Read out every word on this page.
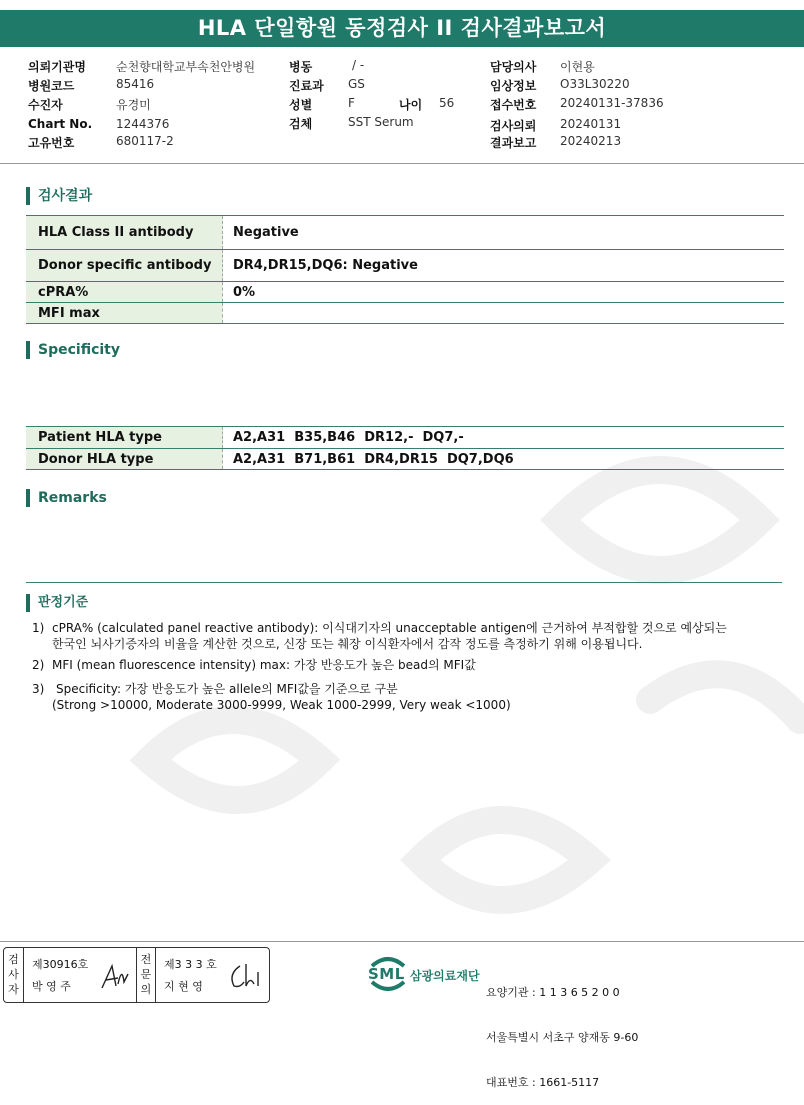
HLA 단일항원 동정검사 II 검사결과보고서
의뢰기관명	순천향대학교부속천안병원
병원코드	85416
수진자	유경미
Chart No. 1244376
고유번호	680117-2
병동	/ -
진료과 GS
성별	F	나이 56
검체	SST Serum
담당의사 이현용
임상정보 O33L30220
접수번호 20240131-37836
검사의뢰 20240131
결과보고 20240213
검사결과
HLA Class II antibody	Negative
Donor specific antibody	DR4,DR15,DQ6: Negative
cPRA%	0%
MFI max	
Specificity
Patient HLA type	A2,A31  B35,B46  DR12,-  DQ7,-
Donor HLA type	A2,A31  B71,B61  DR4,DR15  DQ7,DQ6
Remarks
판정기준
1) cPRA% (calculated panel reactive antibody): 이식대기자의 unacceptable antigen에 근거하여 부적합할 것으로 예상되는
한국인 뇌사기증자의 비율을 계산한 것으로, 신장 또는 췌장 이식환자에서 감작 정도를 측정하기 위해 이용됩니다.
2) MFI (mean fluorescence intensity) max: 가장 반응도가 높은 bead의 MFI값
3) Specificity: 가장 반응도가 높은 allele의 MFI값을 기준으로 구분
(Strong >10000, Moderate 3000-9999, Weak 1000-2999, Very weak <1000)
검사자
제30916호
박 영 주
전문의
제3 3 3 호
지 현 영
SML 삼광의료재단

요양기관 : 1 1 3 6 5 2 0 0

서울특별시 서초구 양재동 9-60

대표번호 : 1661-5117
